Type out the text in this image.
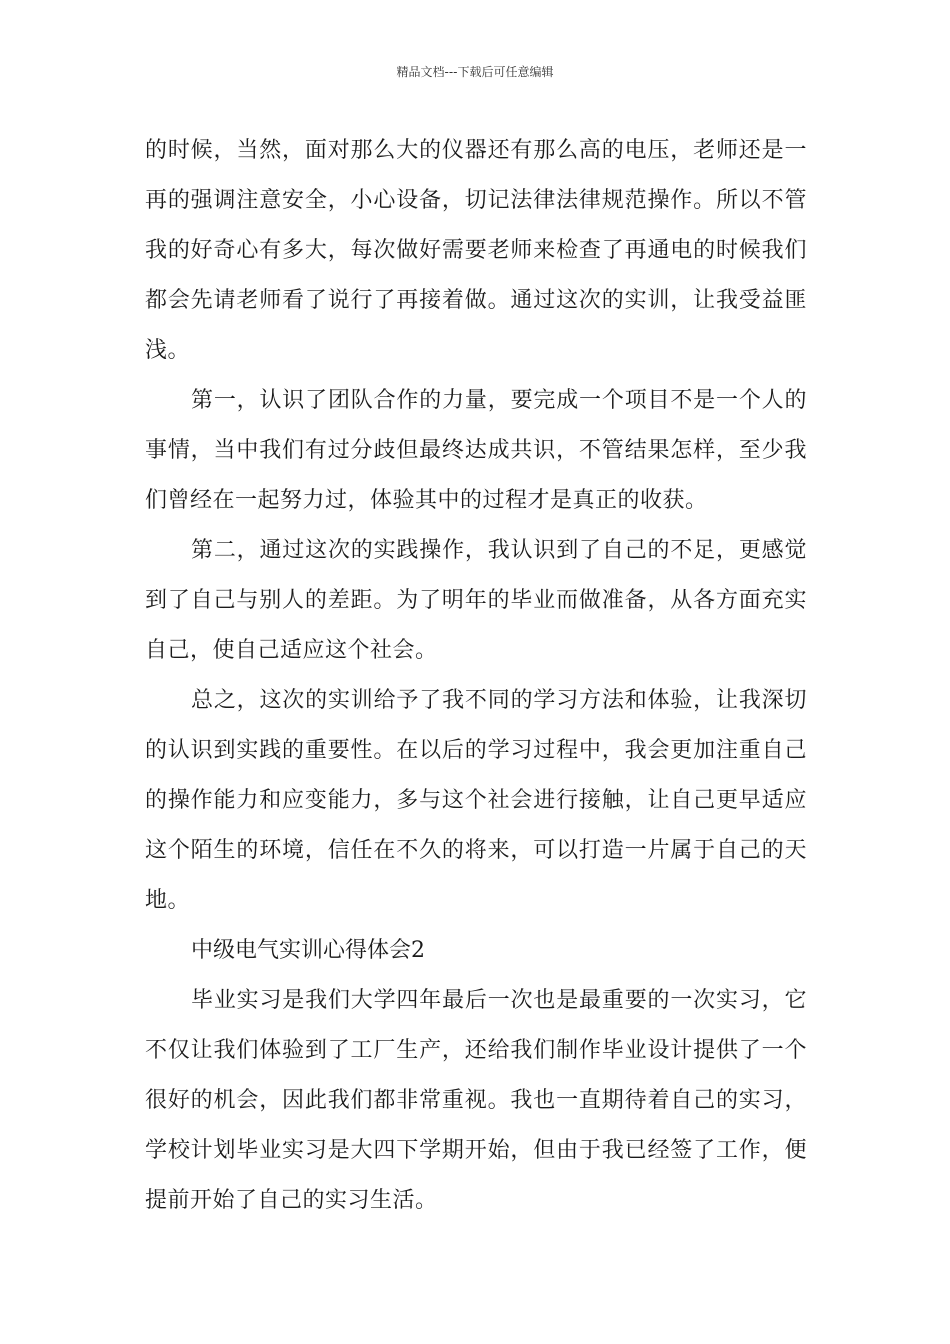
精品文档---下载后可任意编辑

的时候，当然，面对那么大的仪器还有那么高的电压，老师还是一再的强调注意安全，小心设备，切记法律法律规范操作。所以不管我的好奇心有多大，每次做好需要老师来检查了再通电的时候我们都会先请老师看了说行了再接着做。通过这次的实训，让我受益匪浅。

第一，认识了团队合作的力量，要完成一个项目不是一个人的事情，当中我们有过分歧但最终达成共识，不管结果怎样，至少我们曾经在一起努力过，体验其中的过程才是真正的收获。

第二，通过这次的实践操作，我认识到了自己的不足，更感觉到了自己与别人的差距。为了明年的毕业而做准备，从各方面充实自己，使自己适应这个社会。

总之，这次的实训给予了我不同的学习方法和体验，让我深切的认识到实践的重要性。在以后的学习过程中，我会更加注重自己的操作能力和应变能力，多与这个社会进行接触，让自己更早适应这个陌生的环境，信任在不久的将来，可以打造一片属于自己的天地。

中级电气实训心得体会2

毕业实习是我们大学四年最后一次也是最重要的一次实习，它不仅让我们体验到了工厂生产，还给我们制作毕业设计提供了一个很好的机会，因此我们都非常重视。我也一直期待着自己的实习，学校计划毕业实习是大四下学期开始，但由于我已经签了工作，便提前开始了自己的实习生活。
